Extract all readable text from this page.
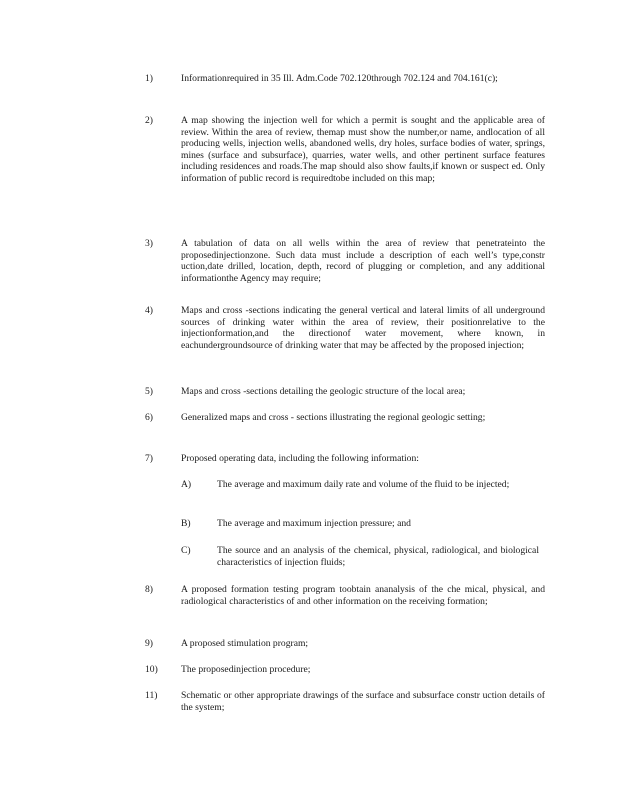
1)	Informationrequired in 35 Ill. Adm.Code 702.120through 702.124 and 704.161(c);
2)	A map showing the injection well for which a permit is sought and the applicable area of review. Within the area of review, themap must show the number,or name, andlocation of all producing wells, injection wells, abandoned wells, dry holes, surface bodies of water, springs, mines (surface and subsurface), quarries, water wells, and other pertinent surface features including residences and roads.The map should also show faults,if known or suspect ed. Only information of public record is requiredtobe included on this map;
3)	A tabulation of data on all wells within the area of review that penetrateinto the proposedinjectionzone. Such data must include a description of each well’s type,constr uction,date drilled, location, depth, record of plugging or completion, and any additional informationthe Agency may require;
4)	Maps and cross -sections indicating the general vertical and lateral limits of all underground sources of drinking water within the area of review, their positionrelative to the injectionformation,and the directionof water movement, where known, in eachundergroundsource of drinking water that may be affected by the proposed injection;
5)	Maps and cross -sections detailing the geologic structure of the local area;
6)	Generalized maps and cross - sections illustrating the regional geologic setting;
7)	Proposed operating data, including the following information:
A)	The average and maximum daily rate and volume of the fluid to be injected;
B)	The average and maximum injection pressure; and
C)	The source and an analysis of the chemical, physical, radiological, and biological characteristics of injection fluids;
8)	A proposed formation testing program toobtain ananalysis of the che mical, physical, and radiological characteristics of and other information on the receiving formation;
9)	A proposed stimulation program;
10)	The proposedinjection procedure;
11)	Schematic or other appropriate drawings of the surface and subsurface constr uction details of the system;
